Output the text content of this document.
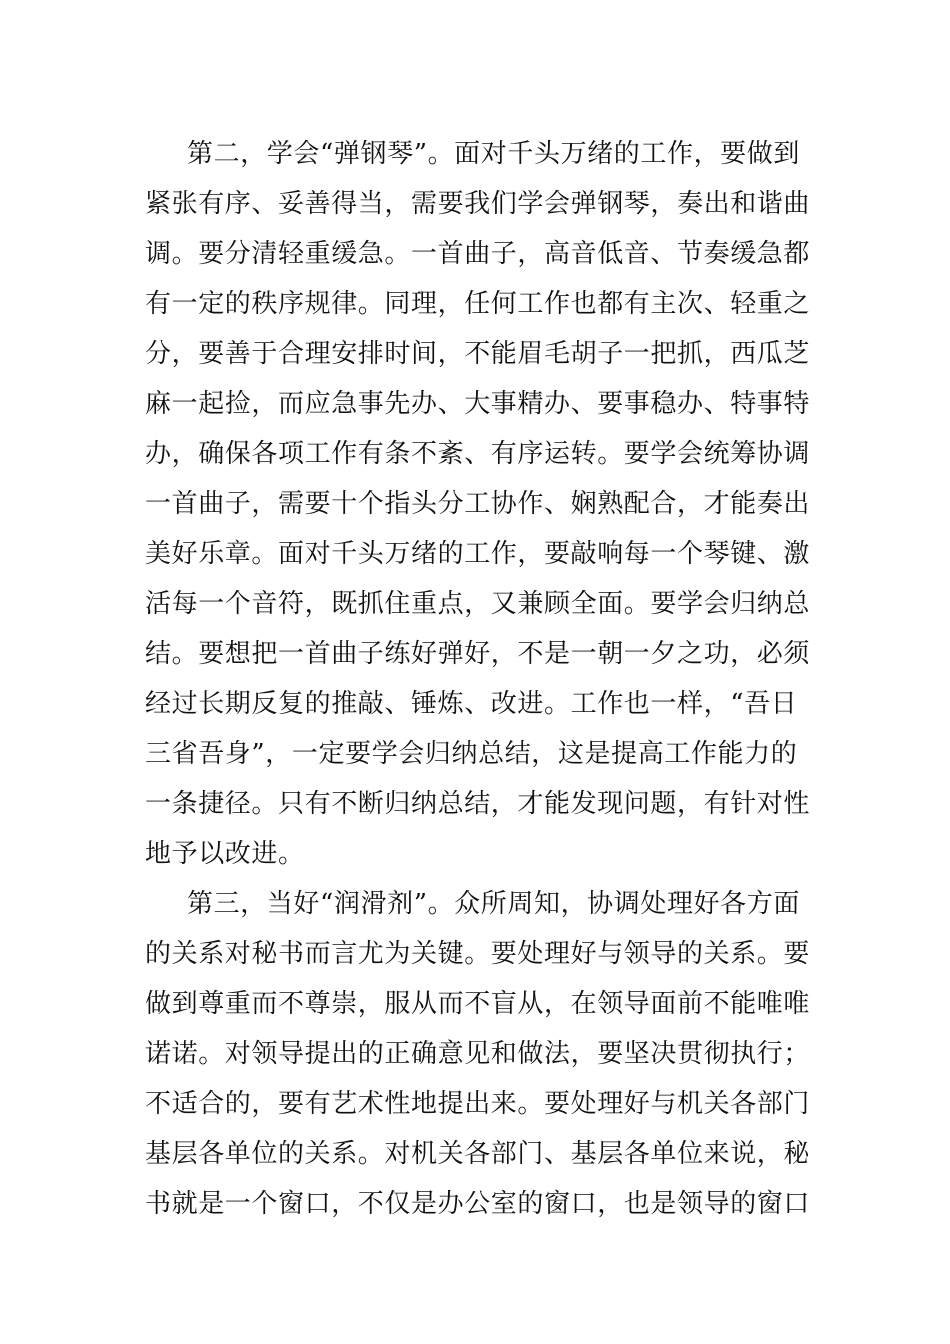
第二，学会“弹钢琴”。面对千头万绪的工作，要做到
紧张有序、妥善得当，需要我们学会弹钢琴，奏出和谐曲
调。要分清轻重缓急。一首曲子，高音低音、节奏缓急都
有一定的秩序规律。同理，任何工作也都有主次、轻重之
分，要善于合理安排时间，不能眉毛胡子一把抓，西瓜芝
麻一起捡，而应急事先办、大事精办、要事稳办、特事特
办，确保各项工作有条不紊、有序运转。要学会统筹协调
一首曲子，需要十个指头分工协作、娴熟配合，才能奏出
美好乐章。面对千头万绪的工作，要敲响每一个琴键、激
活每一个音符，既抓住重点，又兼顾全面。要学会归纳总
结。要想把一首曲子练好弹好，不是一朝一夕之功，必须
经过长期反复的推敲、锤炼、改进。工作也一样，“吾日
三省吾身”，一定要学会归纳总结，这是提高工作能力的
一条捷径。只有不断归纳总结，才能发现问题，有针对性
地予以改进。
第三，当好“润滑剂”。众所周知，协调处理好各方面
的关系对秘书而言尤为关键。要处理好与领导的关系。要
做到尊重而不尊崇，服从而不盲从，在领导面前不能唯唯
诺诺。对领导提出的正确意见和做法，要坚决贯彻执行；
不适合的，要有艺术性地提出来。要处理好与机关各部门
基层各单位的关系。对机关各部门、基层各单位来说，秘
书就是一个窗口，不仅是办公室的窗口，也是领导的窗口
